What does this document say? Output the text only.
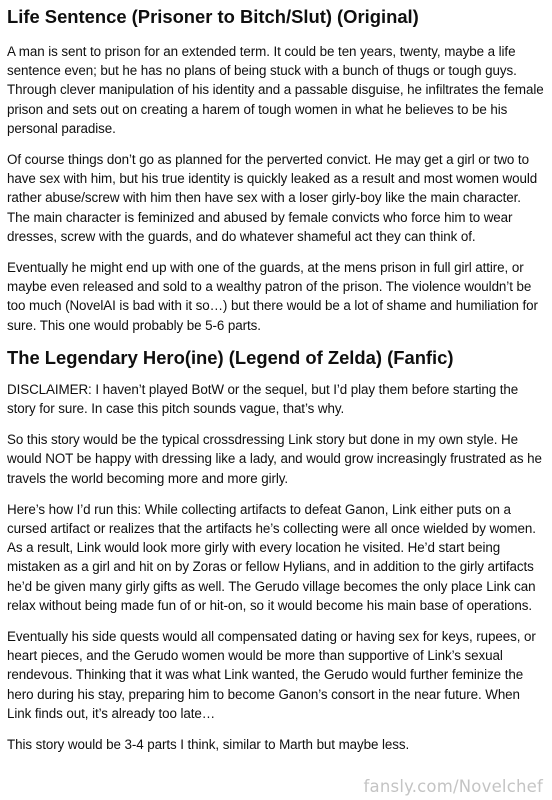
Life Sentence (Prisoner to Bitch/Slut) (Original)

A man is sent to prison for an extended term. It could be ten years, twenty, maybe a life sentence even; but he has no plans of being stuck with a bunch of thugs or tough guys. Through clever manipulation of his identity and a passable disguise, he infiltrates the female prison and sets out on creating a harem of tough women in what he believes to be his personal paradise.

Of course things don’t go as planned for the perverted convict. He may get a girl or two to have sex with him, but his true identity is quickly leaked as a result and most women would rather abuse/screw with him then have sex with a loser girly-boy like the main character. The main character is feminized and abused by female convicts who force him to wear dresses, screw with the guards, and do whatever shameful act they can think of.

Eventually he might end up with one of the guards, at the mens prison in full girl attire, or maybe even released and sold to a wealthy patron of the prison. The violence wouldn’t be too much (NovelAI is bad with it so…) but there would be a lot of shame and humiliation for sure. This one would probably be 5-6 parts.

The Legendary Hero(ine) (Legend of Zelda) (Fanfic)

DISCLAIMER: I haven’t played BotW or the sequel, but I’d play them before starting the story for sure. In case this pitch sounds vague, that’s why.

So this story would be the typical crossdressing Link story but done in my own style. He would NOT be happy with dressing like a lady, and would grow increasingly frustrated as he travels the world becoming more and more girly.

Here’s how I’d run this: While collecting artifacts to defeat Ganon, Link either puts on a cursed artifact or realizes that the artifacts he’s collecting were all once wielded by women. As a result, Link would look more girly with every location he visited. He’d start being mistaken as a girl and hit on by Zoras or fellow Hylians, and in addition to the girly artifacts he’d be given many girly gifts as well. The Gerudo village becomes the only place Link can relax without being made fun of or hit-on, so it would become his main base of operations.

Eventually his side quests would all compensated dating or having sex for keys, rupees, or heart pieces, and the Gerudo women would be more than supportive of Link’s sexual rendevous. Thinking that it was what Link wanted, the Gerudo would further feminize the hero during his stay, preparing him to become Ganon’s consort in the near future. When Link finds out, it’s already too late…

This story would be 3-4 parts I think, similar to Marth but maybe less.

fansly.com/Novelchef
